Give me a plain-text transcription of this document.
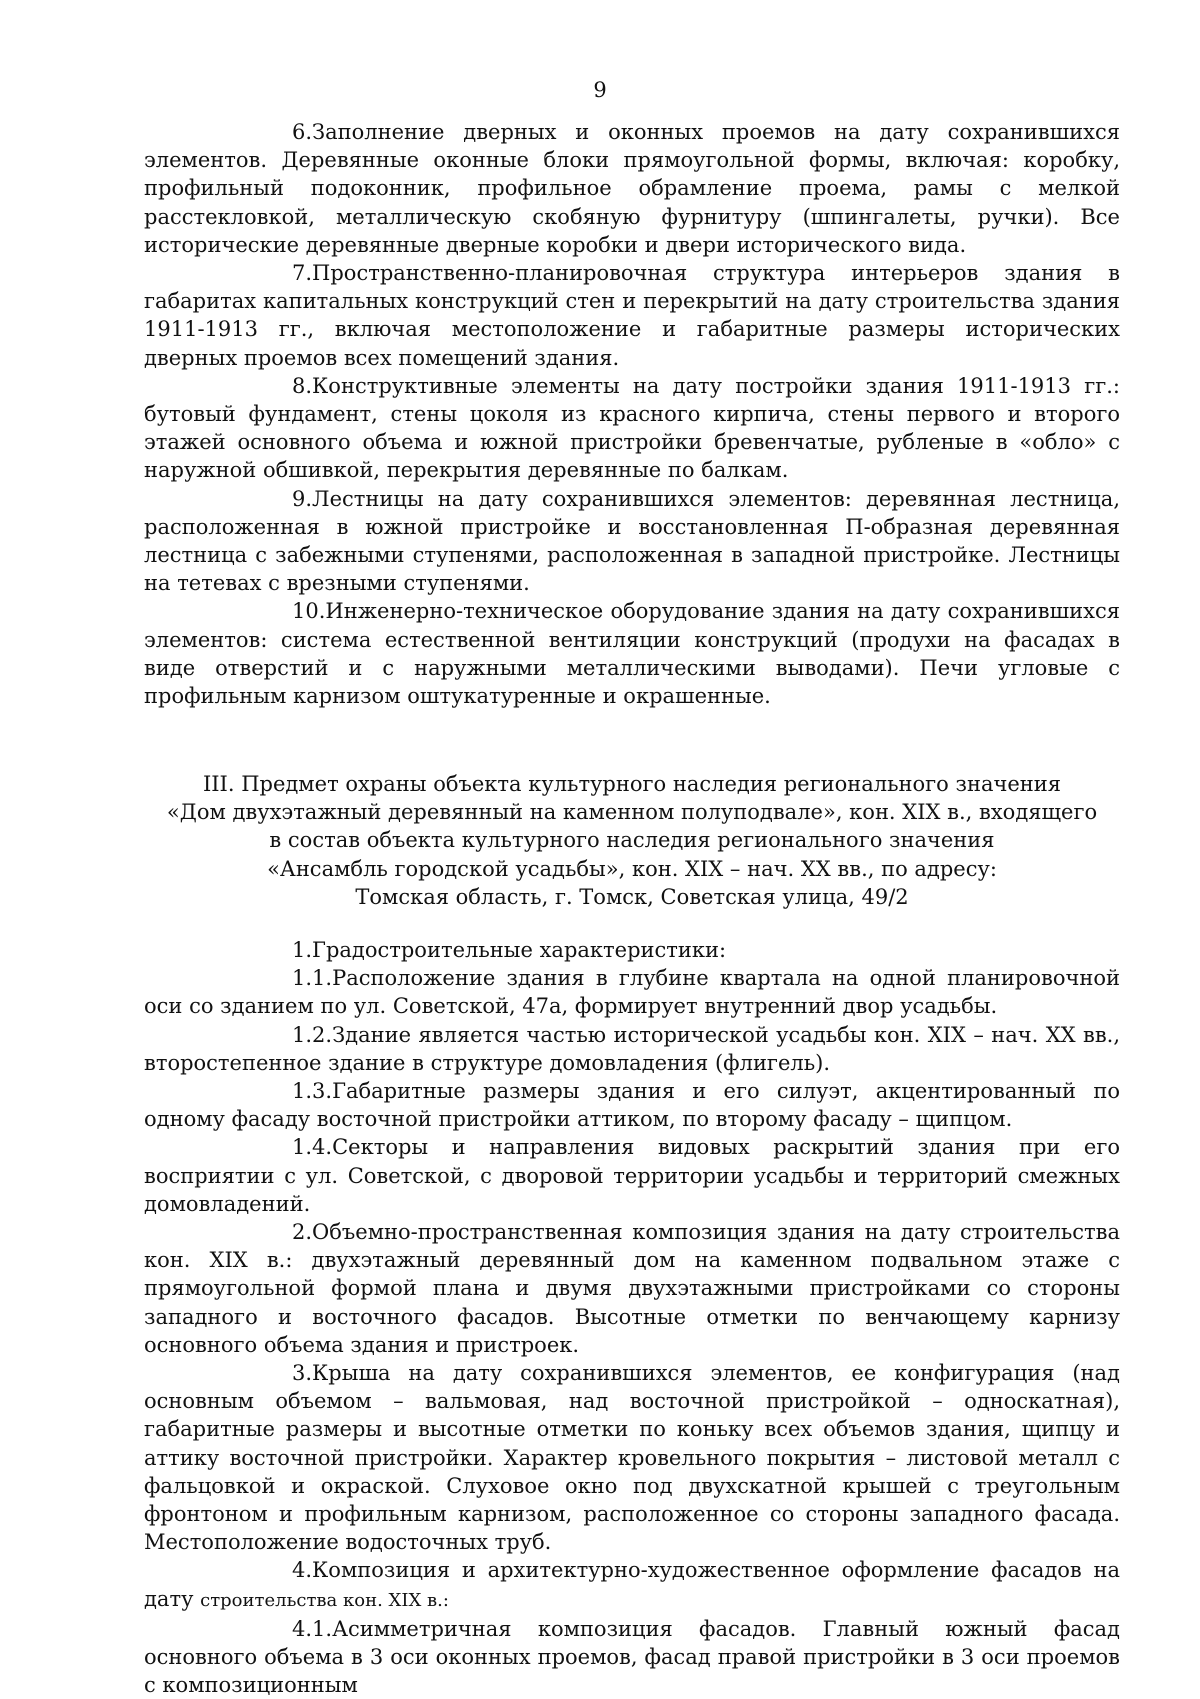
9

6.Заполнение дверных и оконных проемов на дату сохранившихся элементов. Деревянные оконные блоки прямоугольной формы, включая: коробку, профильный подоконник, профильное обрамление проема, рамы с мелкой расстекловкой, металлическую скобяную фурнитуру (шпингалеты, ручки). Все исторические деревянные дверные коробки и двери исторического вида.

7.Пространственно-планировочная структура интерьеров здания в габаритах капитальных конструкций стен и перекрытий на дату строительства здания 1911-1913 гг., включая местоположение и габаритные размеры исторических дверных проемов всех помещений здания.

8.Конструктивные элементы на дату постройки здания 1911-1913 гг.: бутовый фундамент, стены цоколя из красного кирпича, стены первого и второго этажей основного объема и южной пристройки бревенчатые, рубленые в «обло» с наружной обшивкой, перекрытия деревянные по балкам.

9.Лестницы на дату сохранившихся элементов: деревянная лестница, расположенная в южной пристройке и восстановленная П-образная деревянная лестница с забежными ступенями, расположенная в западной пристройке. Лестницы на тетевах с врезными ступенями.

10.Инженерно-техническое оборудование здания на дату сохранившихся элементов: система естественной вентиляции конструкций (продухи на фасадах в виде отверстий и с наружными металлическими выводами). Печи угловые с профильным карнизом оштукатуренные и окрашенные.

III. Предмет охраны объекта культурного наследия регионального значения
«Дом двухэтажный деревянный на каменном полуподвале», кон. XIX в., входящего
в состав объекта культурного наследия регионального значения
«Ансамбль городской усадьбы», кон. XIX – нач. XX вв., по адресу:
Томская область, г. Томск, Советская улица, 49/2

1.Градостроительные характеристики:

1.1.Расположение здания в глубине квартала на одной планировочной оси со зданием по ул. Советской, 47а, формирует внутренний двор усадьбы.

1.2.Здание является частью исторической усадьбы кон. XIX – нач. XX вв., второстепенное здание в структуре домовладения (флигель).

1.3.Габаритные размеры здания и его силуэт, акцентированный по одному фасаду восточной пристройки аттиком, по второму фасаду – щипцом.

1.4.Секторы и направления видовых раскрытий здания при его восприятии с ул. Советской, с дворовой территории усадьбы и территорий смежных домовладений.

2.Объемно-пространственная композиция здания на дату строительства кон. XIX в.: двухэтажный деревянный дом на каменном подвальном этаже с прямоугольной формой плана и двумя двухэтажными пристройками со стороны западного и восточного фасадов. Высотные отметки по венчающему карнизу основного объема здания и пристроек.

3.Крыша на дату сохранившихся элементов, ее конфигурация (над основным объемом – вальмовая, над восточной пристройкой – односкатная), габаритные размеры и высотные отметки по коньку всех объемов здания, щипцу и аттику восточной пристройки. Характер кровельного покрытия – листовой металл с фальцовкой и окраской. Слуховое окно под двухскатной крышей с треугольным фронтоном и профильным карнизом, расположенное со стороны западного фасада. Местоположение водосточных труб.

4.Композиция и архитектурно-художественное оформление фасадов на дату строительства кон. XIX в.:

4.1.Асимметричная композиция фасадов. Главный южный фасад основного объема в 3 оси оконных проемов, фасад правой пристройки в 3 оси проемов с композиционным
